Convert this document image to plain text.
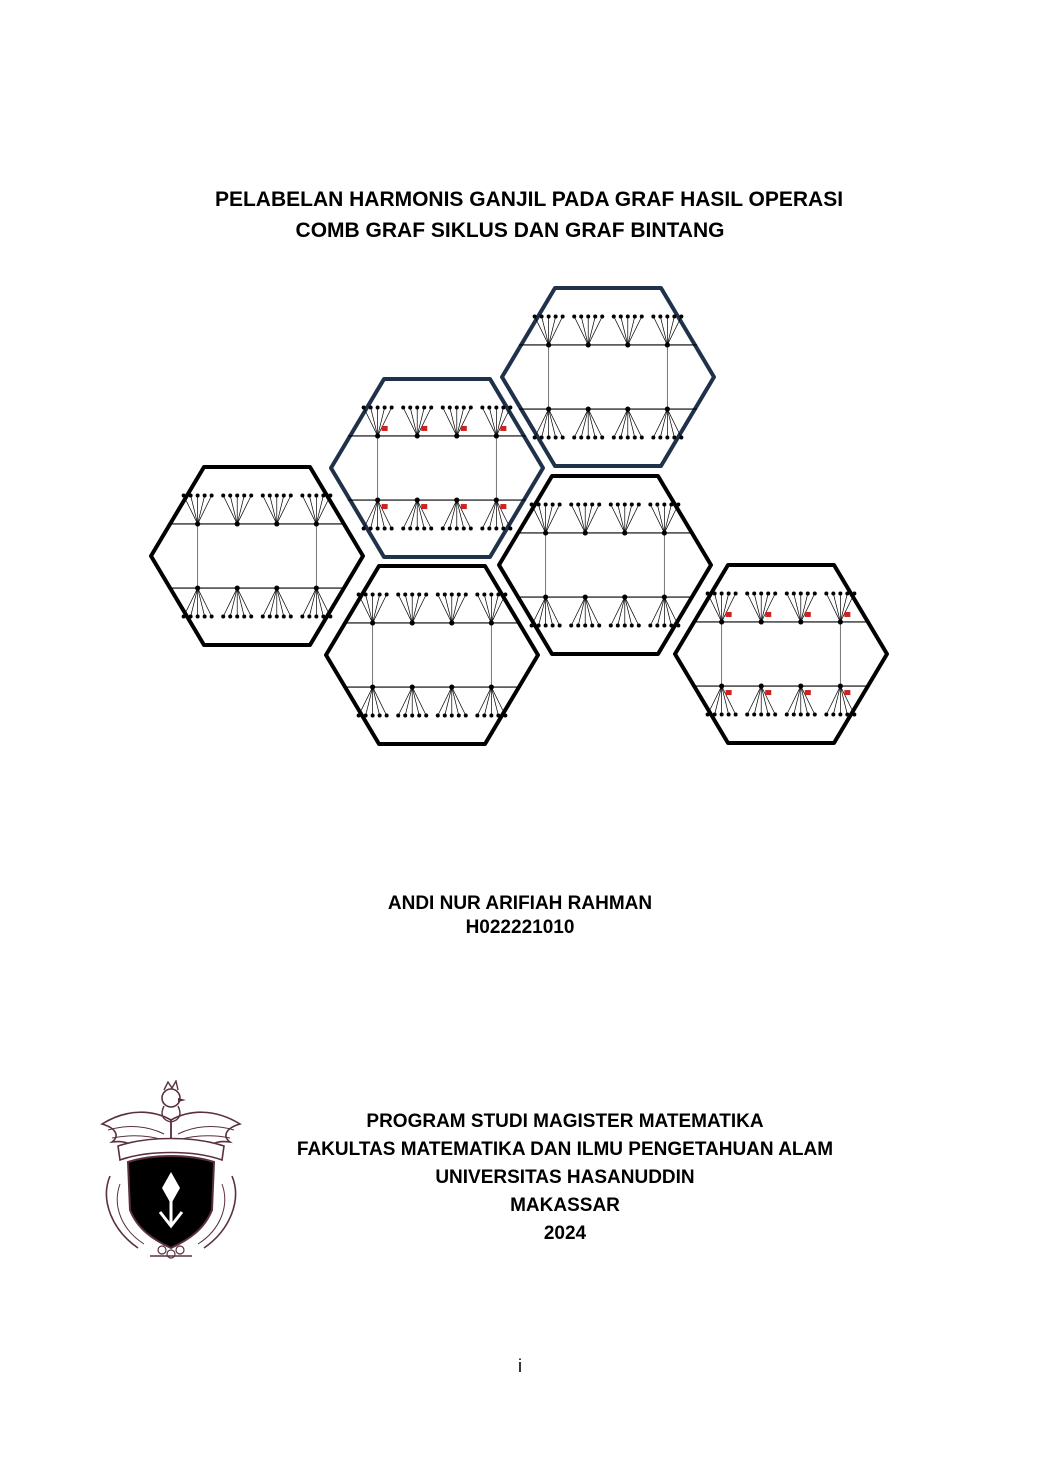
PELABELAN HARMONIS GANJIL PADA GRAF HASIL OPERASI
COMB GRAF SIKLUS DAN GRAF BINTANG
ANDI NUR ARIFIAH RAHMAN
H022221010
PROGRAM STUDI MAGISTER MATEMATIKA
FAKULTAS MATEMATIKA DAN ILMU PENGETAHUAN ALAM
UNIVERSITAS HASANUDDIN
MAKASSAR
2024
i
